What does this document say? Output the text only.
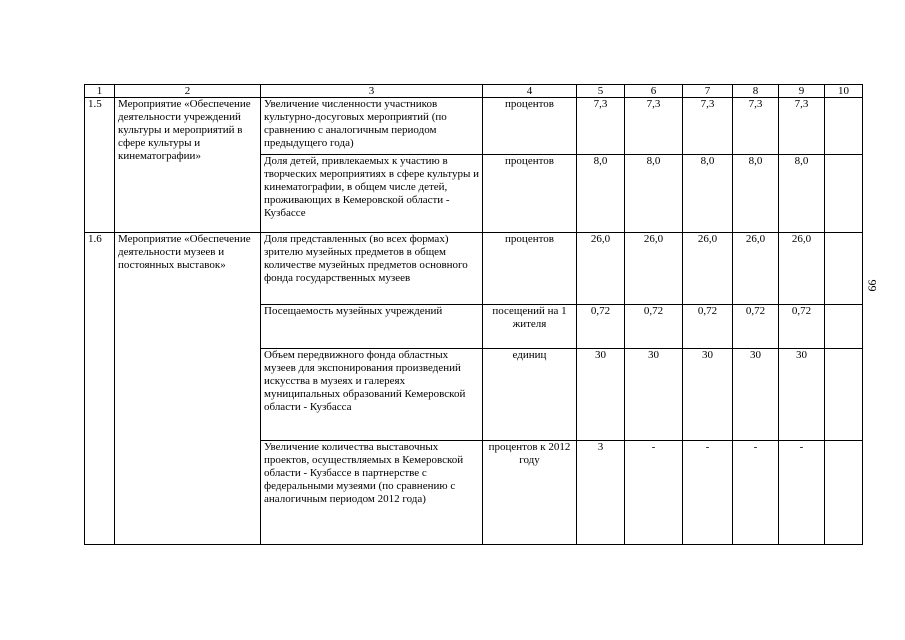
1	2	3	4	5	6	7	8	9	10
1.5	Мероприятие «Обеспечение деятельности учреждений культуры и мероприятий в сфере культуры и кинематографии»	Увеличение численности участников культурно-досуговых мероприятий (по сравнению с аналогичным периодом предыдущего года)	процентов	7,3	7,3	7,3	7,3	7,3	
		Доля детей, привлекаемых к участию в творческих мероприятиях в сфере культуры и кинематографии, в общем числе детей, проживающих в Кемеровской области - Кузбассе	процентов	8,0	8,0	8,0	8,0	8,0	
1.6	Мероприятие «Обеспечение деятельности музеев и постоянных выставок»	Доля представленных (во всех формах) зрителю музейных предметов в общем количестве музейных предметов основного фонда государственных музеев	процентов	26,0	26,0	26,0	26,0	26,0	
		Посещаемость музейных учреждений	посещений на 1 жителя	0,72	0,72	0,72	0,72	0,72	
		Объем передвижного фонда областных музеев для экспонирования произведений искусства в музеях и галереях муниципальных образований Кемеровской области - Кузбасса	единиц	30	30	30	30	30	
		Увеличение количества выставочных проектов, осуществляемых в Кемеровской области - Кузбассе в партнерстве с федеральными музеями (по сравнению с аналогичным периодом 2012 года)	процентов к 2012 году	3	-	-	-	-	
99
